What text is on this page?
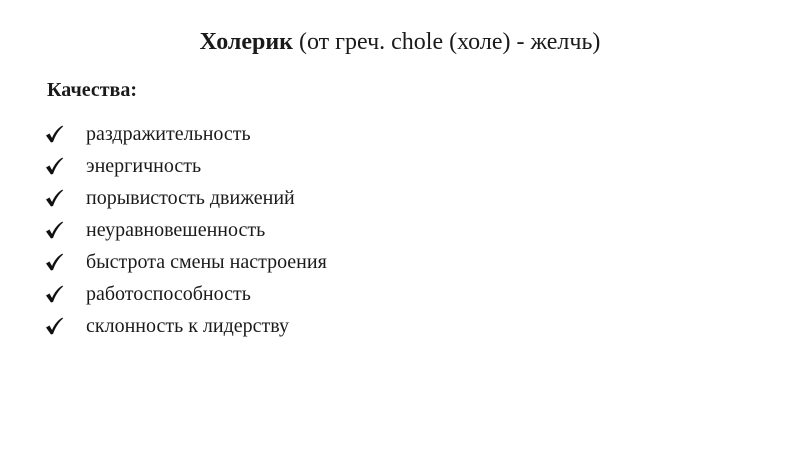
Холерик (от греч. chole (холе) - желчь)
Качества:
раздражительность
энергичность
порывистость движений
неуравновешенность
быстрота смены настроения
работоспособность
склонность к лидерству
